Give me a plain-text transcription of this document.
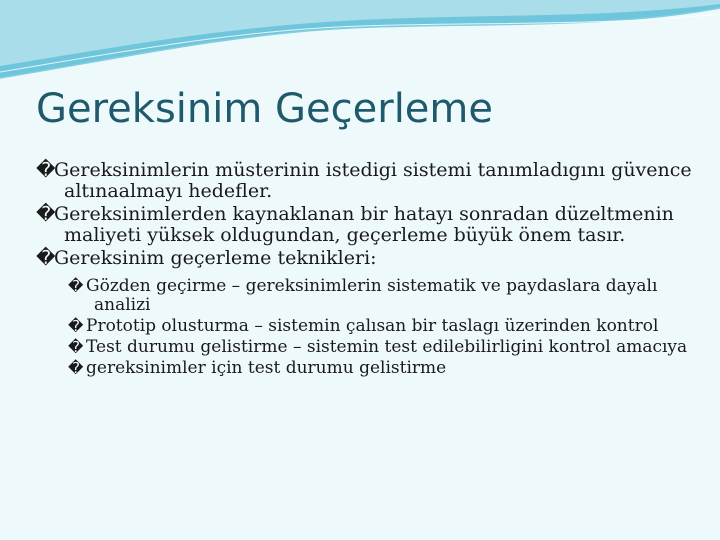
Gereksinim Geçerleme

�Gereksinimlerin müsterinin istedigi sistemi tanımladıgını güvence altınaalmayı hedefler.

�Gereksinimlerden kaynaklanan bir hatayı sonradan düzeltmenin maliyeti yüksek oldugundan, geçerleme büyük önem tasır.

�Gereksinim geçerleme teknikleri:

� Gözden geçirme – gereksinimlerin sistematik ve paydaslara dayalı analizi

� Prototip olusturma – sistemin çalısan bir taslagı üzerinden kontrol

� Test durumu gelistirme – sistemin test edilebilirligini kontrol amacıya

� gereksinimler için test durumu gelistirme
